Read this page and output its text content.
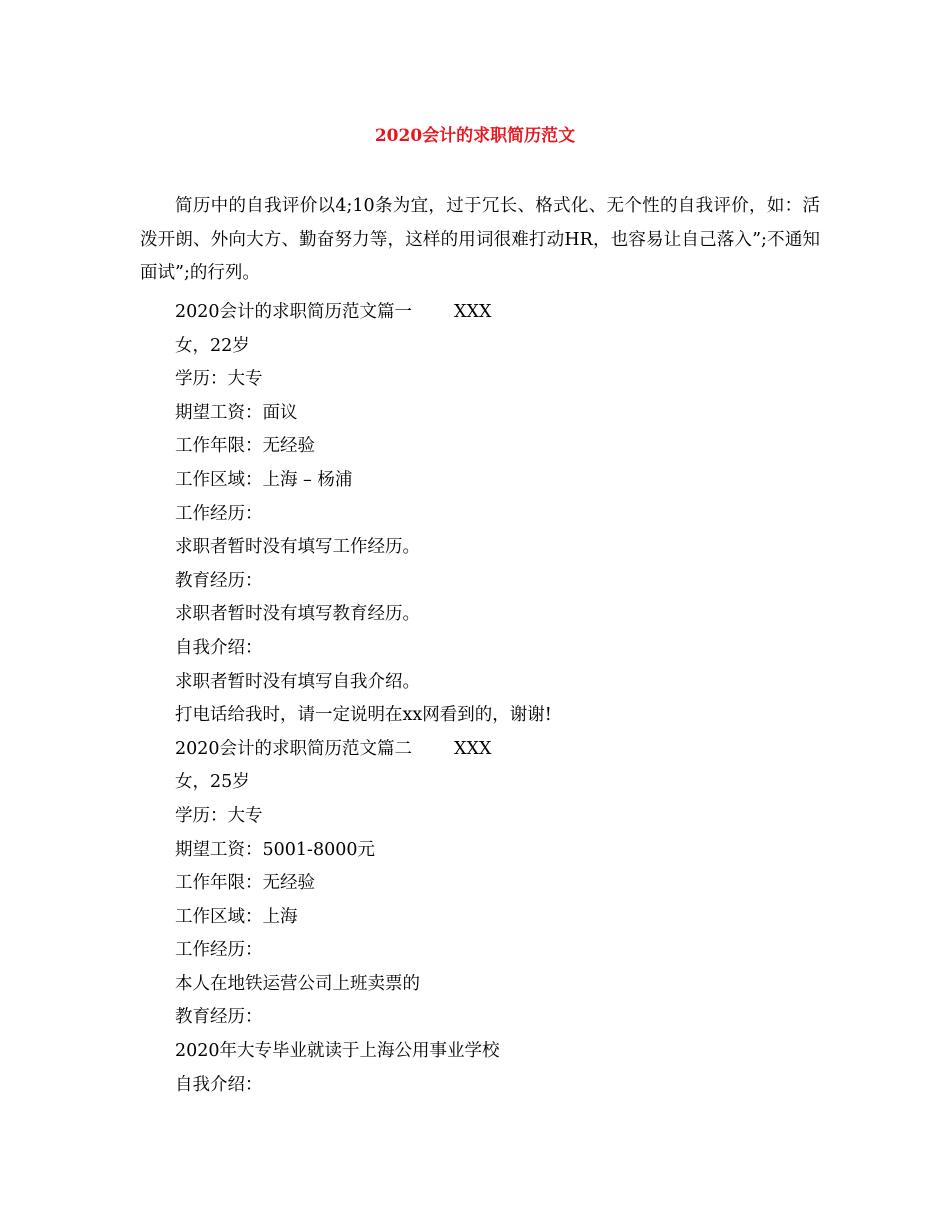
2020会计的求职简历范文
简历中的自我评价以4;10条为宜，过于冗长、格式化、无个性的自我评价，如：活泼开朗、外向大方、勤奋努力等，这样的用词很难打动HR，也容易让自己落入”;不通知面试”;的行列。
2020会计的求职简历范文篇一 XXX
女，22岁
学历：大专
期望工资：面议
工作年限：无经验
工作区域：上海 – 杨浦
工作经历：
求职者暂时没有填写工作经历。
教育经历：
求职者暂时没有填写教育经历。
自我介绍：
求职者暂时没有填写自我介绍。
打电话给我时，请一定说明在xx网看到的，谢谢!
2020会计的求职简历范文篇二 XXX
女，25岁
学历：大专
期望工资：5001-8000元
工作年限：无经验
工作区域：上海
工作经历：
本人在地铁运营公司上班卖票的
教育经历：
2020年大专毕业就读于上海公用事业学校
自我介绍：
